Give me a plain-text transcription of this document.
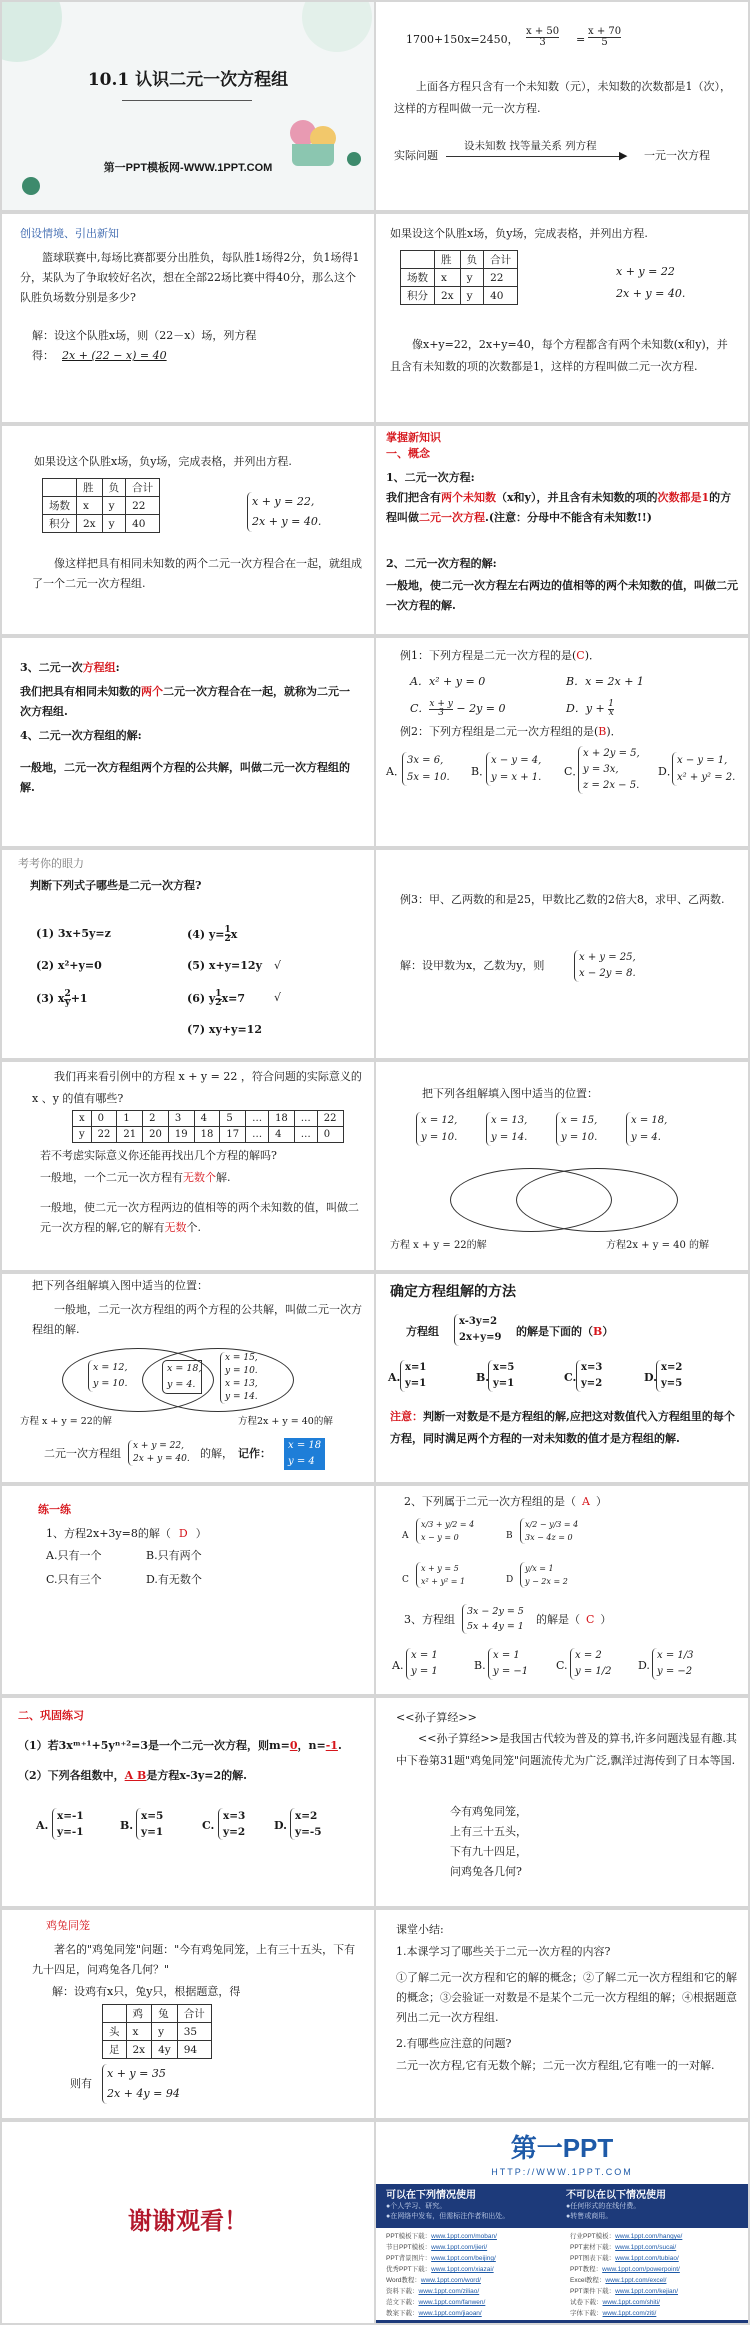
10.1 认识二元一次方程组
第一PPT模板网-WWW.1PPT.COM
1700+150x=2450，
x + 50
3	=
x + 70
5
上面各方程只含有一个未知数（元），未知数的次数都是1（次），这样的方程叫做一元一次方程.
实际问题
设未知数 找等量关系 列方程
▶ 一元一次方程
创设情境、引出新知
篮球联赛中,每场比赛都要分出胜负，每队胜1场得2分，负1场得1分，某队为了争取较好名次，想在全部22场比赛中得40分，那么这个队胜负场数分别是多少?
解：设这个队胜x场，则（22－x）场，列方程
得： 2x + (22 − x) = 40
如果设这个队胜x场，负y场，完成表格，并列出方程.
	胜	负	合计
场数	x	y	22
积分	2x	y	40
x + y = 22
2x + y = 40.
像x+y=22，2x+y=40，每个方程都含有两个未知数(x和y)，并且含有未知数的项的次数都是1，这样的方程叫做二元一次方程.
如果设这个队胜x场，负y场，完成表格，并列出方程.
	胜	负	合计
场数	x	y	22
积分	2x	y	40
x + y = 22,
2x + y = 40.
像这样把具有相同未知数的两个二元一次方程合在一起，就组成了一个二元一次方程组.
掌握新知识
一、概念
1、二元一次方程:
我们把含有两个未知数（x和y），并且含有未知数的项的次数都是1的方程叫做二元一次方程.(注意：分母中不能含有未知数!!)
2、二元一次方程的解:
一般地，使二元一次方程左右两边的值相等的两个未知数的值，叫做二元一次方程的解.
3、二元一次方程组:
我们把具有相同未知数的两个二元一次方程合在一起，就称为二元一次方程组.
4、二元一次方程组的解:
一般地，二元一次方程组两个方程的公共解，叫做二元一次方程组的解.
例1：下列方程是二元一次方程的是(C)．
A．x² + y = 0	B．x = 2x + 1
C．$\frac{x + y}{3} - 2y = 0$	D．$y + \frac{1}{x}$
例2：下列方程组是二元一次方程组的是(B)．
A．
3x = 6,
5x = 10. B．
x − y = 4,
y = x + 1. C．
x + 2y = 5,
y = 3x,
z = 2x − 5.
D．
x − y = 1,
x² + y² = 2.
考考你的眼力
判断下列式子哪些是二元一次方程?
(1) 3x+5y=z
(2) x²+y=0
(3) x2
y+1
(4) y=1
2x
(5) x+y=12y
(6) y1
2x=7
(7) xy+y=12
√
√
例3：甲、乙两数的和是25，甲数比乙数的2倍大8，求甲、乙两数.
解：设甲数为x，乙数为y，则
x + y = 25,
x − 2y = 8.
我们再来看引例中的方程 x + y = 22 ，符合问题的实际意义的 x 、y 的值有哪些?
x	0	1	2	3	4	5	…	18	…	22
y	22	21	20	19	18	17	…	4	…	0
若不考虑实际意义你还能再找出几个方程的解吗?
一般地，一个二元一次方程有无数个解.
一般地，使二元一次方程两边的值相等的两个未知数的值，叫做二元一次方程的解,它的解有无数个.
把下列各组解填入图中适当的位置：
x = 12,
y = 10.
x = 13,
y = 14.
x = 15,
y = 10.
x = 18,
y = 4.
方程 x + y = 22的解	方程2x + y = 40 的解
把下列各组解填入图中适当的位置：
一般地，二元一次方程组的两个方程的公共解，叫做二元一次方程组的解.
x = 12,
y = 10.
x = 18,
y = 4.
x = 15,
y = 10.
x = 13,
y = 14.
方程 x + y = 22的解	方程2x + y = 40的解
二元一次方程组
x + y = 22,
2x + y = 40. 的解， 记作：
x = 18
y = 4
确定方程组解的方法
方程组
x-3y=2
2x+y=9 的解是下面的（B）
A.
x=1
y=1	B.
x=5
y=1	C.
x=3
y=2	D.
x=2
y=5
注意：判断一对数是不是方程组的解,应把这对数值代入方程组里的每个方程，同时满足两个方程的一对未知数的值才是方程组的解.
练一练
1、方程2x+3y=8的解（ D ）
A.只有一个	B.只有两个
C.只有三个	D.有无数个
2、下列属于二元一次方程组的是（ A ）
A
x/3 + y/2 = 4
x − y = 0	B
x/2 − y/3 = 4
3x − 4z = 0
C
x + y = 5
x² + y² = 1	D
y/x = 1
y − 2x = 2
3、方程组
3x − 2y = 5
5x + 4y = 1
的解是（ C ）
A.
x = 1
y = 1	B.
x = 1
y = −1	C.
x = 2
y = 1/2 D.
x = 1/3
y = −2
二、巩固练习
（1）若3xᵐ⁺¹+5yⁿ⁺²=3是一个二元一次方程，则m=0，n=-1.
（2）下列各组数中，A B是方程x-3y=2的解.
A.
x=-1
y=-1	B.
x=5
y=1	C.
x=3
y=2	D.
x=2
y=-5
<<孙子算经>>
<<孙子算经>>是我国古代较为普及的算书,许多问题浅显有趣.其中下卷第31题"鸡兔同笼"问题流传尤为广泛,飘洋过海传到了日本等国.
今有鸡兔同笼，
上有三十五头，
下有九十四足，
问鸡兔各几何?
鸡兔同笼
著名的"鸡兔同笼"问题："今有鸡兔同笼，上有三十五头，下有九十四足，问鸡兔各几何？"
解：设鸡有x只，兔y只，根据题意，得
	鸡	兔	合计
头	x	y	35
足	2x	4y	94
则有
x + y = 35
2x + 4y = 94
课堂小结:
1.本课学习了哪些关于二元一次方程的内容?
①了解二元一次方程和它的解的概念；②了解二元一次方程组和它的解的概念；③会验证一对数是不是某个二元一次方程组的解；④根据题意列出二元一次方程组.
2.有哪些应注意的问题?
二元一次方程,它有无数个解；二元一次方程组,它有唯一的一对解.
谢谢观看！
第一PPT
HTTP://WWW.1PPT.COM
可以在下列情况使用
●个人学习、研究。
●在网络中发布，但需标注作者和出处。
不可以在以下情况使用
●任何形式的在线付费。
●转售或商用。
PPT模板下载：www.1ppt.com/moban/	行业PPT模板：www.1ppt.com/hangye/
节日PPT模板：www.1ppt.com/jieri/	PPT素材下载：www.1ppt.com/sucai/
PPT背景图片：www.1ppt.com/beijing/	PPT图表下载：www.1ppt.com/tubiao/
优秀PPT下载：www.1ppt.com/xiazai/	PPT教程：www.1ppt.com/powerpoint/
Word教程：www.1ppt.com/word/	Excel教程：www.1ppt.com/excel/
资料下载：www.1ppt.com/ziliao/	PPT课件下载：www.1ppt.com/kejian/
范文下载：www.1ppt.com/fanwen/	试卷下载：www.1ppt.com/shiti/
教案下载：www.1ppt.com/jiaoan/	字体下载：www.1ppt.com/ziti/
